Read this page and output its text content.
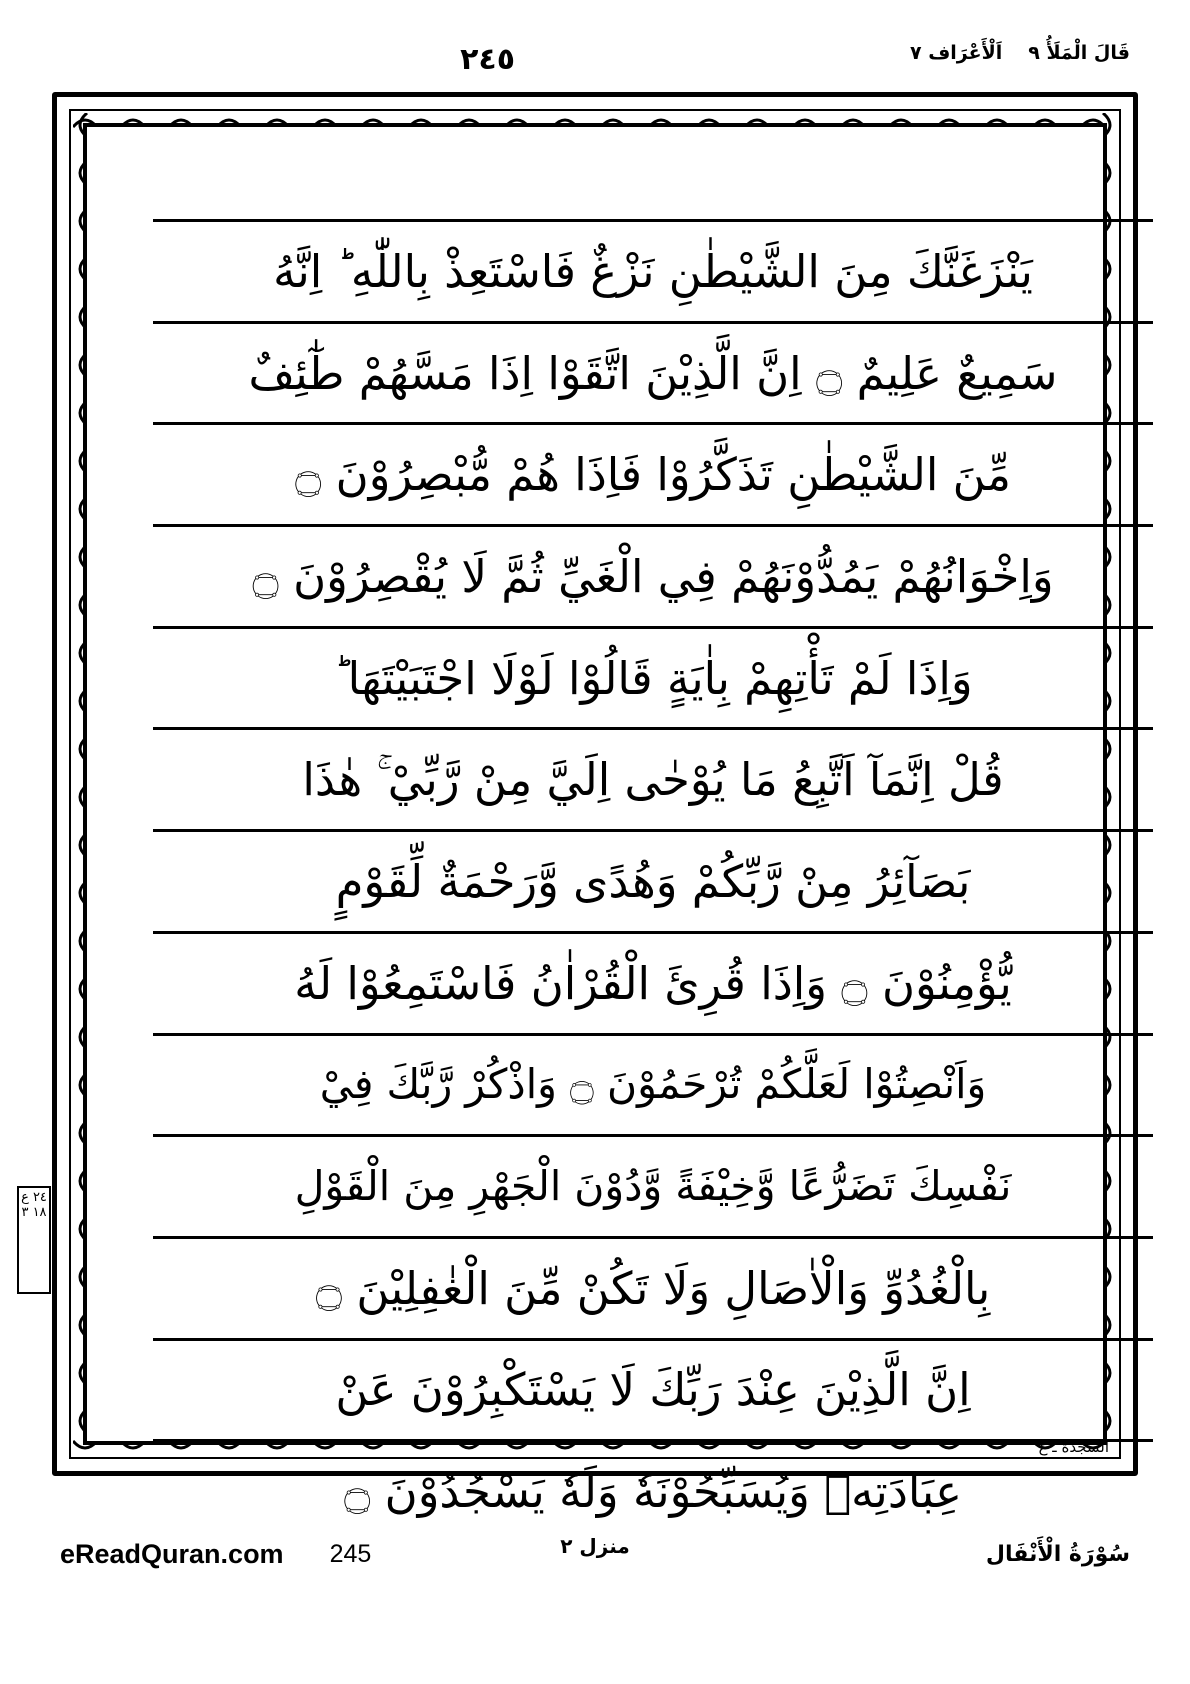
قَالَ الْمَلَأُ ٩
اَلْأَعْرَاف ٧
٢٤٥
يَنْزَغَنَّكَ مِنَ الشَّيْطٰنِ نَزْغٌ فَاسْتَعِذْ بِاللّٰهِ ؕ اِنَّهُ
سَمِيعٌ عَلِيمٌ ۝ اِنَّ الَّذِيْنَ اتَّقَوْا اِذَا مَسَّهُمْ طٰٓئِفٌ
مِّنَ الشَّيْطٰنِ تَذَكَّرُوْا فَاِذَا هُمْ مُّبْصِرُوْنَ ۝
وَاِخْوَانُهُمْ يَمُدُّوْنَهُمْ فِي الْغَيِّ ثُمَّ لَا يُقْصِرُوْنَ ۝
وَاِذَا لَمْ تَأْتِهِمْ بِاٰيَةٍ قَالُوْا لَوْلَا اجْتَبَيْتَهَا ؕ
قُلْ اِنَّمَآ اَتَّبِعُ مَا يُوْحٰى اِلَيَّ مِنْ رَّبِّيْ ۚ هٰذَا
بَصَآئِرُ مِنْ رَّبِّكُمْ وَهُدًى وَّرَحْمَةٌ لِّقَوْمٍ
يُّؤْمِنُوْنَ ۝ وَاِذَا قُرِئَ الْقُرْاٰنُ فَاسْتَمِعُوْا لَهُ
وَاَنْصِتُوْا لَعَلَّكُمْ تُرْحَمُوْنَ ۝ وَاذْكُرْ رَّبَّكَ فِيْ
نَفْسِكَ تَضَرُّعًا وَّخِيْفَةً وَّدُوْنَ الْجَهْرِ مِنَ الْقَوْلِ
بِالْغُدُوِّ وَالْاٰصَالِ وَلَا تَكُنْ مِّنَ الْغٰفِلِيْنَ ۝
اِنَّ الَّذِيْنَ عِنْدَ رَبِّكَ لَا يَسْتَكْبِرُوْنَ عَنْ
السجدة ـ ع
عِبَادَتِهٖ وَيُسَبِّحُوْنَهٗ وَلَهٗ يَسْجُدُوْنَ ۝
٢٤ ع ١٨ ٣
سُوْرَةُ الْأَنْفَال
منزل ٢
eReadQuran.com 245
